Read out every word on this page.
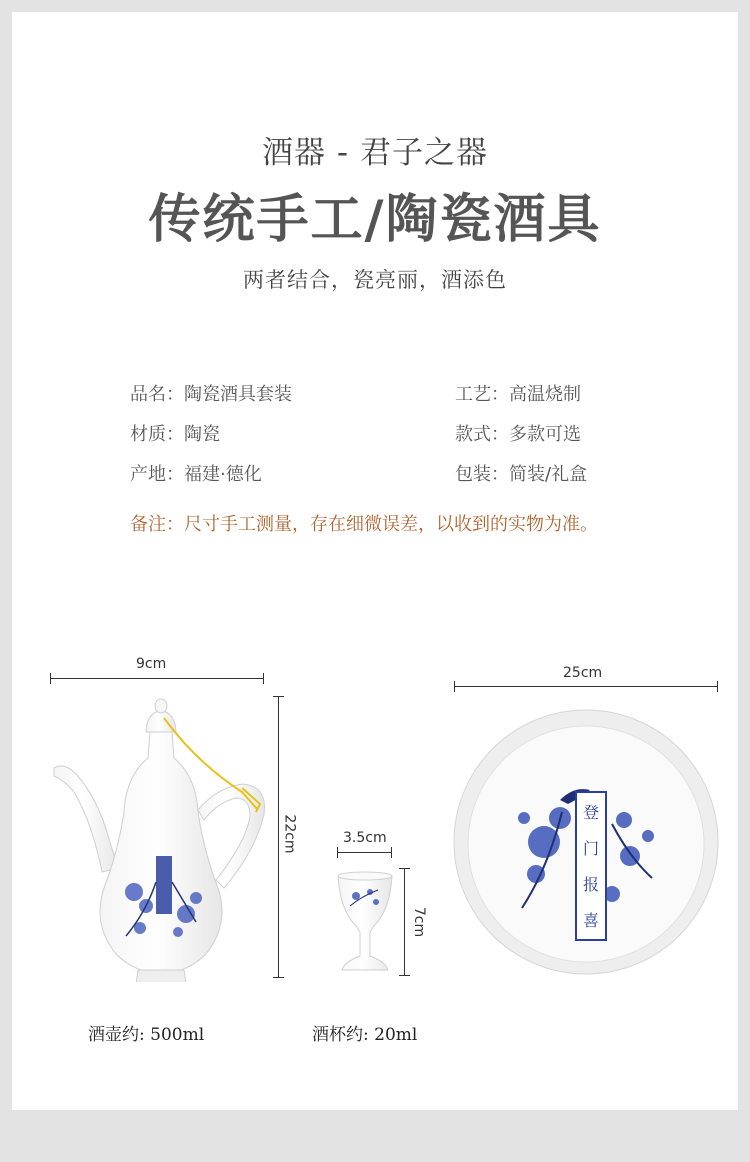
酒器 - 君子之器
传统手工/陶瓷酒具
两者结合，瓷亮丽，酒添色
品名：陶瓷酒具套装	工艺：高温烧制
材质：陶瓷	款式：多款可选
产地：福建·德化	包装：简装/礼盒
备注：尺寸手工测量，存在细微误差，以收到的实物为准。
9cm
22cm	3.5cm
7cm
25cm
登
门
报
喜
酒壶约: 500ml	酒杯约: 20ml
